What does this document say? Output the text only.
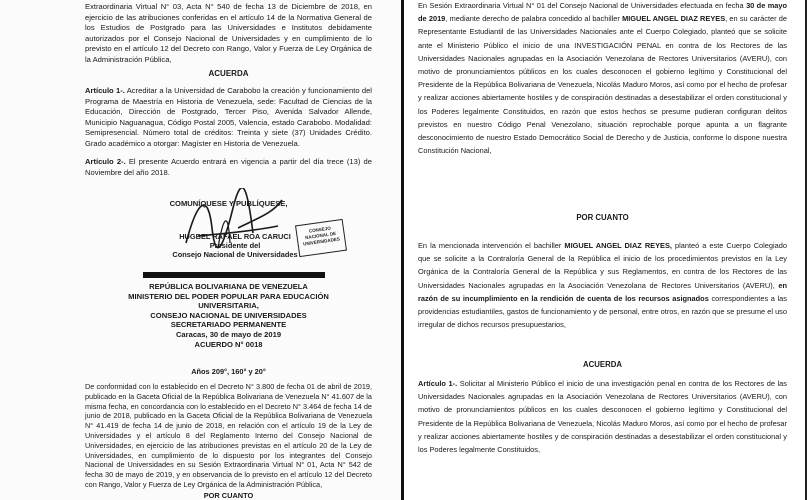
Extraordinaria Virtual N° 03, Acta N° 540 de fecha 13 de Diciembre de 2018, en ejercicio de las atribuciones conferidas en el artículo 14 de la Normativa General de los Estudios de Postgrado para las Universidades e Institutos debidamente autorizados por el Consejo Nacional de Universidades y en cumplimiento de lo previsto en el artículo 12 del Decreto con Rango, Valor y Fuerza de Ley Orgánica de la Administración Pública,

ACUERDA

Artículo 1-. Acreditar a la Universidad de Carabobo la creación y funcionamiento del Programa de Maestría en Historia de Venezuela, sede: Facultad de Ciencias de la Educación, Dirección de Postgrado, Tercer Piso, Avenida Salvador Allende, Municipio Naguanagua, Código Postal 2005, Valencia, estado Carabobo. Modalidad: Semipresencial. Número total de créditos: Treinta y siete (37) Unidades Crédito. Grado académico a otorgar: Magíster en Historia de Venezuela.

Artículo 2-. El presente Acuerdo entrará en vigencia a partir del día trece (13) de Noviembre del año 2018.

COMUNÍQUESE Y PUBLÍQUESE,

CONSEJO NACIONAL DE UNIVERSIDADES
HUGBEL RAFAEL ROA CARUCI
Presidente del
Consejo Nacional de Universidades
REPÚBLICA BOLIVARIANA DE VENEZUELA
MINISTERIO DEL PODER POPULAR PARA EDUCACIÓN
UNIVERSITARIA,
CONSEJO NACIONAL DE UNIVERSIDADES
SECRETARIADO PERMANENTE
Caracas, 30 de mayo de 2019
ACUERDO N° 0018

Años 209°, 160° y 20°

De conformidad con lo establecido en el Decreto N° 3.800 de fecha 01 de abril de 2019, publicado en la Gaceta Oficial de la República Bolivariana de Venezuela N° 41.607 de la misma fecha, en concordancia con lo establecido en el Decreto N° 3.464 de fecha 14 de junio de 2018, publicado en la Gaceta Oficial de la República Bolivariana de Venezuela N° 41.419 de fecha 14 de junio de 2018, en relación con el artículo 19 de la Ley de Universidades y el artículo 8 del Reglamento Interno del Consejo Nacional de Universidades, en ejercicio de las atribuciones previstas en el artículo 20 de la Ley de Universidades, en cumplimiento de lo dispuesto por los integrantes del Consejo Nacional de Universidades en su Sesión Extraordinaria Virtual N° 01, Acta N° 542 de fecha 30 de mayo de 2019, y en observancia de lo previsto en el artículo 12 del Decreto con Rango, Valor y Fuerza de Ley Orgánica de la Administración Pública,

POR CUANTO

En Sesión Extraordinaria Virtual N° 01 del Consejo Nacional de Universidades efectuada en fecha 30 de mayo de 2019, mediante derecho de palabra concedido al bachiller MIGUEL ANGEL DIAZ REYES, en su carácter de Representante Estudiantil de las Universidades Nacionales ante el Cuerpo Colegiado, planteó que se solicite ante el Ministerio Público el inicio de una INVESTIGACIÓN PENAL en contra de los Rectores de las Universidades Nacionales agrupadas en la Asociación Venezolana de Rectores Universitarios (AVERU), con motivo de pronunciamientos públicos en los cuales desconocen el gobierno legítimo y Constitucional del Presidente de la República Bolivariana de Venezuela, Nicolás Maduro Moros, así como por el hecho de profesar y realizar acciones abiertamente hostiles y de conspiración destinadas a desestabilizar el orden constitucional y los Poderes legalmente Constituidos, en razón que estos hechos se presume pudieran configuran delitos previstos en nuestro Código Penal Venezolano, situación reprochable porque apunta a un flagrante desconocimiento de nuestro Estado Democrático Social de Derecho y de Justicia, conforme lo dispone nuestra Constitución Nacional,

POR CUANTO

En la mencionada intervención el bachiller MIGUEL ANGEL DIAZ REYES, planteó a este Cuerpo Colegiado que se solicite a la Contraloría General de la República el inicio de los procedimientos previstos en la Ley Orgánica de la Contraloría General de la República y sus Reglamentos, en contra de los Rectores de las Universidades Nacionales agrupadas en la Asociación Venezolana de Rectores Universitarios (AVERU), en razón de su incumplimiento en la rendición de cuenta de los recursos asignados correspondientes a las providencias estudiantiles, gastos de funcionamiento y de personal, entre otros, en razón que se presume el uso irregular de dichos recursos presupuestarios,

ACUERDA

Artículo 1-. Solicitar al Ministerio Público el inicio de una investigación penal en contra de los Rectores de las Universidades Nacionales agrupadas en la Asociación Venezolana de Rectores Universitarios (AVERU), con motivo de pronunciamientos públicos en los cuales desconocen el gobierno legítimo y Constitucional del Presidente de la República Bolivariana de Venezuela, Nicolás Maduro Moros, así como por el hecho de profesar y realizar acciones abiertamente hostiles y de conspiración destinadas a desestabilizar el orden constitucional y los Poderes legalmente Constituidos,
